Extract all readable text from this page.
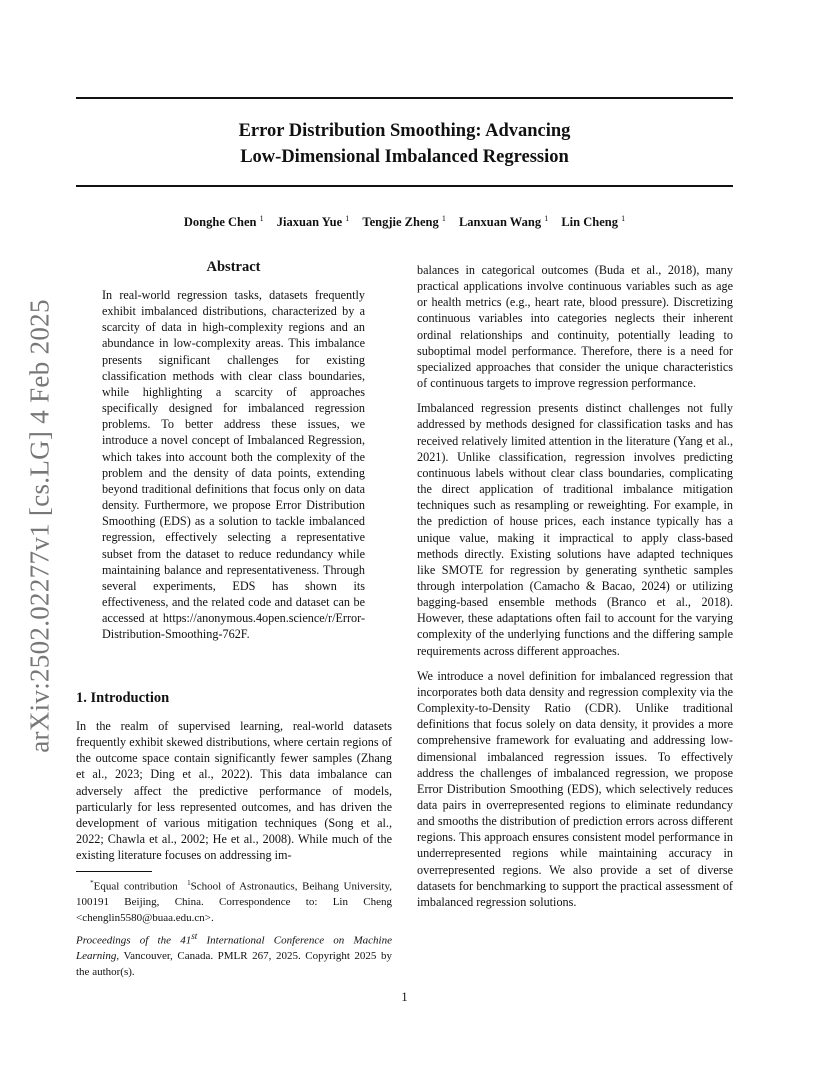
Error Distribution Smoothing: Advancing
Low-Dimensional Imbalanced Regression
Donghe Chen $^1$ Jiaxuan Yue $^1$ Tengjie Zheng $^1$ Lanxuan Wang $^1$ Lin Cheng $^1$
arXiv:2502.02277v1 [cs.LG] 4 Feb 2025
Abstract
In real-world regression tasks, datasets frequently exhibit imbalanced distributions, characterized by a scarcity of data in high-complexity regions and an abundance in low-complexity areas. This imbalance presents significant challenges for existing classification methods with clear class boundaries, while highlighting a scarcity of approaches specifically designed for imbalanced regression problems. To better address these issues, we introduce a novel concept of Imbalanced Regression, which takes into account both the complexity of the problem and the density of data points, extending beyond traditional definitions that focus only on data density. Furthermore, we propose Error Distribution Smoothing (EDS) as a solution to tackle imbalanced regression, effectively selecting a representative subset from the dataset to reduce redundancy while maintaining balance and representativeness. Through several experiments, EDS has shown its effectiveness, and the related code and dataset can be accessed at https://anonymous.4open.science/r/Error-Distribution-Smoothing-762F.
1. Introduction
In the realm of supervised learning, real-world datasets frequently exhibit skewed distributions, where certain regions of the outcome space contain significantly fewer samples (Zhang et al., 2023; Ding et al., 2022). This data imbalance can adversely affect the predictive performance of models, particularly for less represented outcomes, and has driven the development of various mitigation techniques (Song et al., 2022; Chawla et al., 2002; He et al., 2008). While much of the existing literature focuses on addressing im-
*Equal contribution $^1$School of Astronautics, Beihang University, 100191 Beijing, China. Correspondence to: Lin Cheng <chenglin5580@buaa.edu.cn>.
Proceedings of the 41st International Conference on Machine Learning, Vancouver, Canada. PMLR 267, 2025. Copyright 2025 by the author(s).

balances in categorical outcomes (Buda et al., 2018), many practical applications involve continuous variables such as age or health metrics (e.g., heart rate, blood pressure). Discretizing continuous variables into categories neglects their inherent ordinal relationships and continuity, potentially leading to suboptimal model performance. Therefore, there is a need for specialized approaches that consider the unique characteristics of continuous targets to improve regression performance.

Imbalanced regression presents distinct challenges not fully addressed by methods designed for classification tasks and has received relatively limited attention in the literature (Yang et al., 2021). Unlike classification, regression involves predicting continuous labels without clear class boundaries, complicating the direct application of traditional imbalance mitigation techniques such as resampling or reweighting. For example, in the prediction of house prices, each instance typically has a unique value, making it impractical to apply class-based methods directly. Existing solutions have adapted techniques like SMOTE for regression by generating synthetic samples through interpolation (Camacho & Bacao, 2024) or utilizing bagging-based ensemble methods (Branco et al., 2018). However, these adaptations often fail to account for the varying complexity of the underlying functions and the differing sample requirements across different approaches.

We introduce a novel definition for imbalanced regression that incorporates both data density and regression complexity via the Complexity-to-Density Ratio (CDR). Unlike traditional definitions that focus solely on data density, it provides a more comprehensive framework for evaluating and addressing low-dimensional imbalanced regression issues. To effectively address the challenges of imbalanced regression, we propose Error Distribution Smoothing (EDS), which selectively reduces data pairs in overrepresented regions to eliminate redundancy and smooths the distribution of prediction errors across different regions. This approach ensures consistent model performance in underrepresented regions while maintaining accuracy in overrepresented regions. We also provide a set of diverse datasets for benchmarking to support the practical assessment of imbalanced regression solutions.

1
